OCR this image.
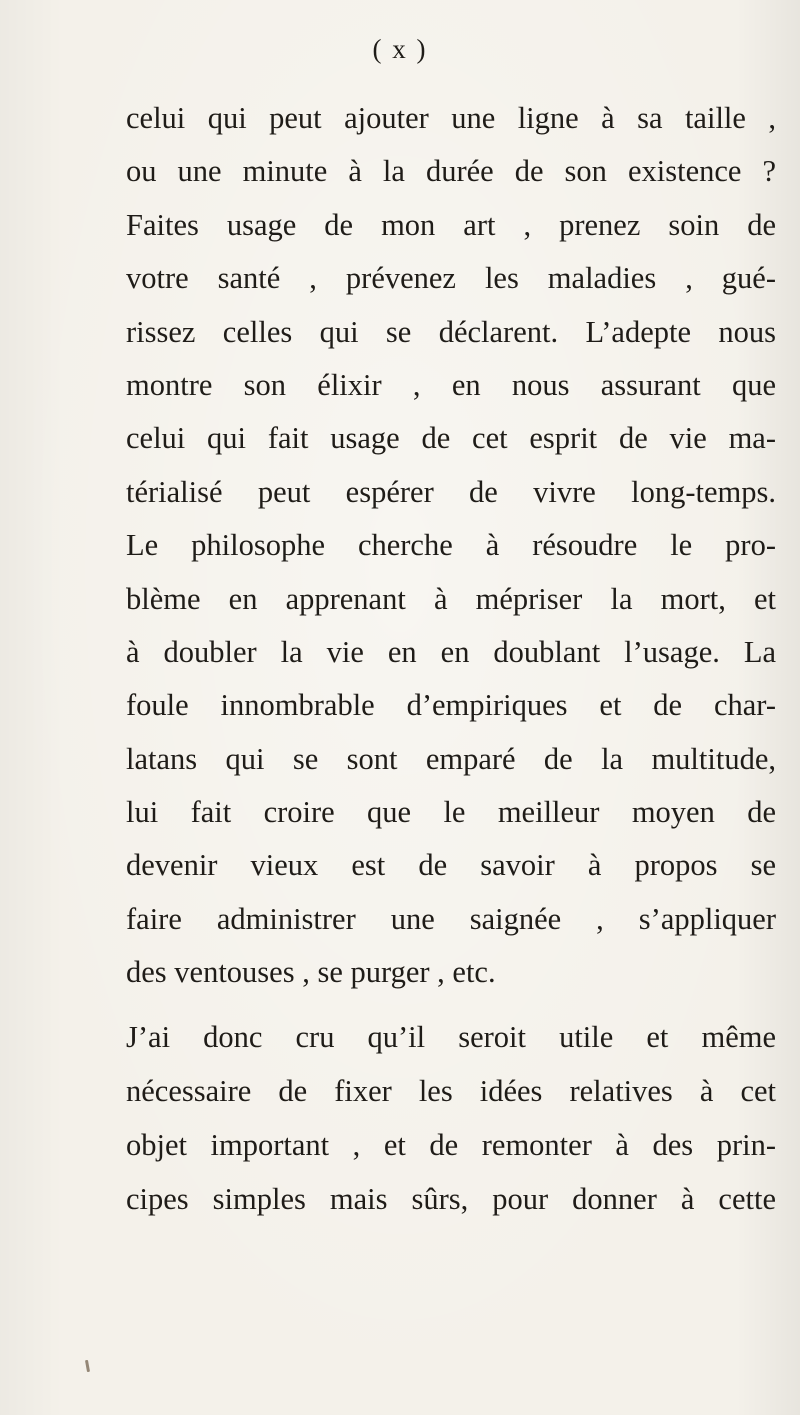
( x )
celui qui peut ajouter une ligne à sa taille ,
ou une minute à la durée de son existence ?
Faites usage de mon art , prenez soin de
votre santé , prévenez les maladies , gué-
rissez celles qui se déclarent. L’adepte nous
montre son élixir , en nous assurant que
celui qui fait usage de cet esprit de vie ma-
térialisé peut espérer de vivre long-temps.
Le philosophe cherche à résoudre le pro-
blème en apprenant à mépriser la mort, et
à doubler la vie en en doublant l’usage. La
foule innombrable d’empiriques et de char-
latans qui se sont emparé de la multitude,
lui fait croire que le meilleur moyen de
devenir vieux est de savoir à propos se
faire administrer une saignée , s’appliquer
des ventouses , se purger , etc.
J’ai donc cru qu’il seroit utile et même
nécessaire de fixer les idées relatives à cet
objet important , et de remonter à des prin-
cipes simples mais sûrs, pour donner à cette
